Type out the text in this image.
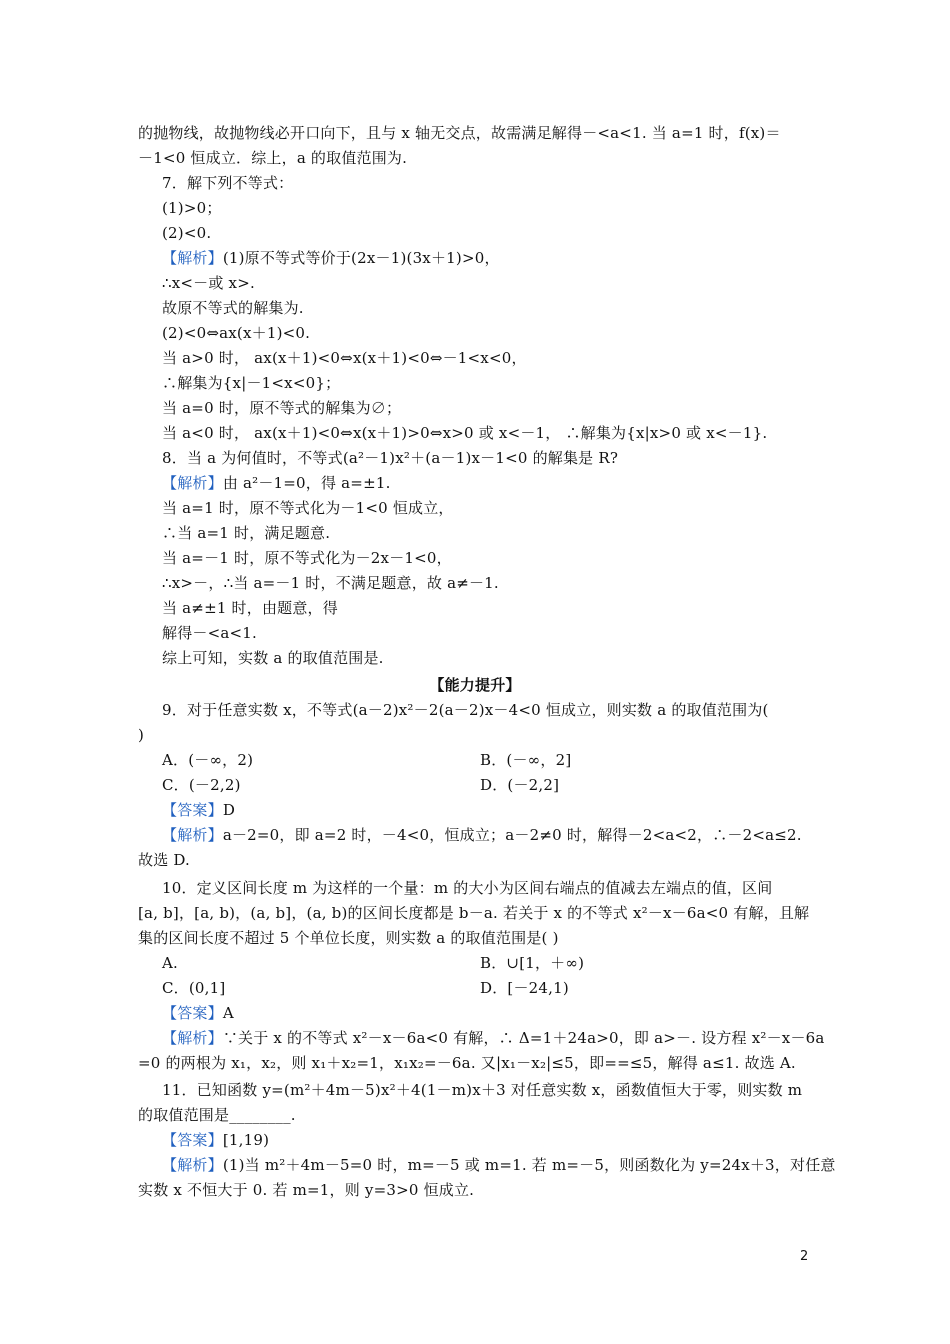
的抛物线，故抛物线必开口向下，且与 x 轴无交点，故需满足解得－<a<1. 当 a=1 时，f(x)＝
－1<0 恒成立．综上，a 的取值范围为.
7．解下列不等式：
(1)>0；
(2)<0.
【解析】(1)原不等式等价于(2x－1)(3x＋1)>0，
∴x<－或 x>.
故原不等式的解集为.
(2)<0⇔ax(x＋1)<0.
当 a>0 时， ax(x＋1)<0⇔x(x＋1)<0⇔－1<x<0，
∴解集为{x|－1<x<0}；
当 a=0 时，原不等式的解集为∅；
当 a<0 时， ax(x＋1)<0⇔x(x＋1)>0⇔x>0 或 x<－1， ∴解集为{x|x>0 或 x<－1}.
8．当 a 为何值时，不等式(a²－1)x²＋(a－1)x－1<0 的解集是 R?
【解析】由 a²－1=0，得 a=±1.
当 a=1 时，原不等式化为－1<0 恒成立，
∴当 a=1 时，满足题意.
当 a=－1 时，原不等式化为－2x－1<0，
∴x>－，∴当 a=－1 时，不满足题意，故 a≠－1.
当 a≠±1 时，由题意，得
解得－<a<1.
综上可知，实数 a 的取值范围是.
【能力提升】
9．对于任意实数 x，不等式(a－2)x²－2(a－2)x－4<0 恒成立，则实数 a 的取值范围为(
)
A．(－∞，2)	B．(－∞，2]
C．(－2,2)	D．(－2,2]
【答案】D
【解析】a－2=0，即 a=2 时，－4<0，恒成立；a－2≠0 时，解得－2<a<2，∴－2<a≤2.
故选 D.
10．定义区间长度 m 为这样的一个量：m 的大小为区间右端点的值减去左端点的值，区间
[a, b]，[a, b)，(a, b]，(a, b)的区间长度都是 b－a. 若关于 x 的不等式 x²－x－6a<0 有解，且解
集的区间长度不超过 5 个单位长度，则实数 a 的取值范围是( )
A.	B．∪[1，＋∞)
C．(0,1]	D．[－24,1)
【答案】A
【解析】∵关于 x 的不等式 x²－x－6a<0 有解，∴ Δ=1＋24a>0，即 a>－. 设方程 x²－x－6a
=0 的两根为 x₁，x₂，则 x₁＋x₂=1，x₁x₂=－6a. 又|x₁－x₂|≤5，即==≤5，解得 a≤1. 故选 A.
11．已知函数 y=(m²＋4m－5)x²＋4(1－m)x＋3 对任意实数 x，函数值恒大于零，则实数 m
的取值范围是________.
【答案】[1,19)
【解析】(1)当 m²＋4m－5=0 时，m=－5 或 m=1. 若 m=－5，则函数化为 y=24x＋3，对任意
实数 x 不恒大于 0. 若 m=1，则 y=3>0 恒成立.
2
